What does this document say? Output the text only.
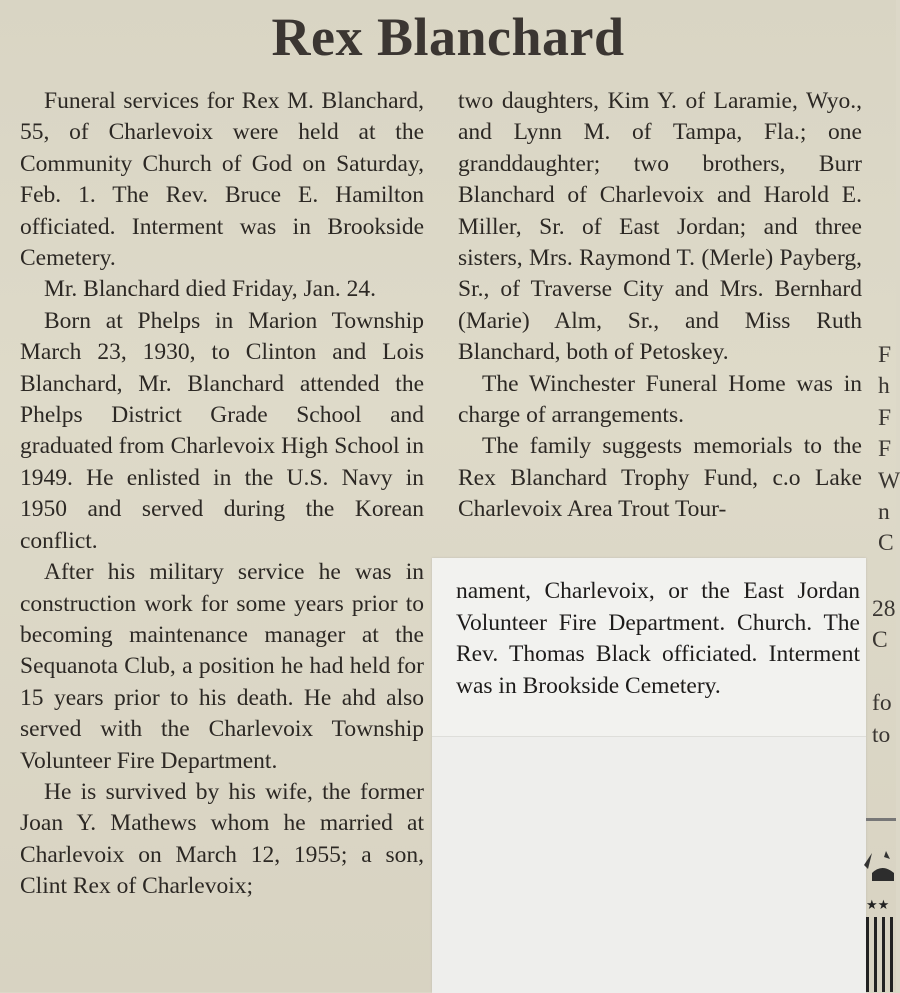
Rex Blanchard

Funeral services for Rex M. Blanchard, 55, of Charlevoix were held at the Community Church of God on Saturday, Feb. 1. The Rev. Bruce E. Hamilton officiated. Interment was in Brookside Cemetery.

Mr. Blanchard died Friday, Jan. 24.

Born at Phelps in Marion Township March 23, 1930, to Clinton and Lois Blanchard, Mr. Blanchard attended the Phelps District Grade School and graduated from Charlevoix High School in 1949. He enlisted in the U.S. Navy in 1950 and served during the Korean conflict.

After his military service he was in construction work for some years prior to becoming maintenance manager at the Sequanota Club, a position he had held for 15 years prior to his death. He ahd also served with the Charlevoix Township Volunteer Fire Department.

He is survived by his wife, the former Joan Y. Mathews whom he married at Charlevoix on March 12, 1955; a son, Clint Rex of Charlevoix;

two daughters, Kim Y. of Laramie, Wyo., and Lynn M. of Tampa, Fla.; one granddaughter; two brothers, Burr Blanchard of Charlevoix and Harold E. Miller, Sr. of East Jordan; and three sisters, Mrs. Raymond T. (Merle) Payberg, Sr., of Traverse City and Mrs. Bernhard (Marie) Alm, Sr., and Miss Ruth Blanchard, both of Petoskey.

The Winchester Funeral Home was in charge of arrangements.

The family suggests memorials to the Rex Blanchard Trophy Fund, c.o Lake Charlevoix Area Trout Tour-

F
h
F
F
W
n
C
28
C
fo
to
nament, Charlevoix, or the East Jordan Volunteer Fire Department. Church. The Rev. Thomas Black officiated. Interment was in Brookside Cemetery.
★★
